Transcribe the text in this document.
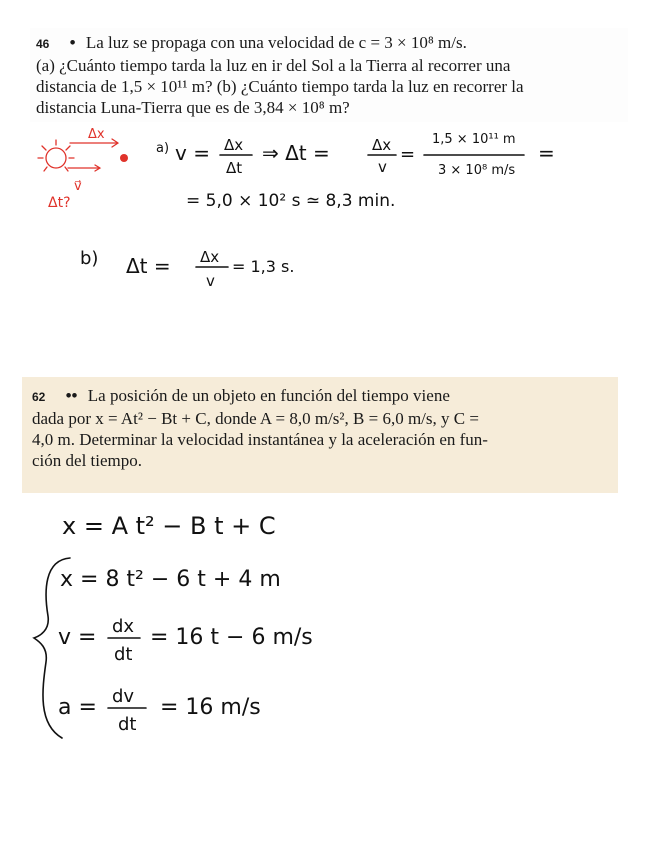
46 • La luz se propaga con una velocidad de c = 3 × 10⁸ m/s.
(a) ¿Cuánto tiempo tarda la luz en ir del Sol a la Tierra al recorrer una
distancia de 1,5 × 10¹¹ m? (b) ¿Cuánto tiempo tarda la luz en recorrer la
distancia Luna-Tierra que es de 3,84 × 10⁸ m?
62 •• La posición de un objeto en función del tiempo viene
dada por x = At² − Bt + C, donde A = 8,0 m/s², B = 6,0 m/s, y C =
4,0 m. Determinar la velocidad instantánea y la aceleración en fun-
ción del tiempo.
Δx
v⃗
Δt?
a) v = Δx
Δt
⇒ Δt =	Δx
v
=
1,5 × 10¹¹ m
3 × 10⁸ m/s
=
= 5,0 × 10² s ≃ 8,3 min.
b) Δt = Δx
v
= 1,3 s.
x = A t² − B t + C
x = 8 t² − 6 t + 4 m
v = dx
dt
= 16 t − 6 m/s
a = dv
dt
= 16 m/s
